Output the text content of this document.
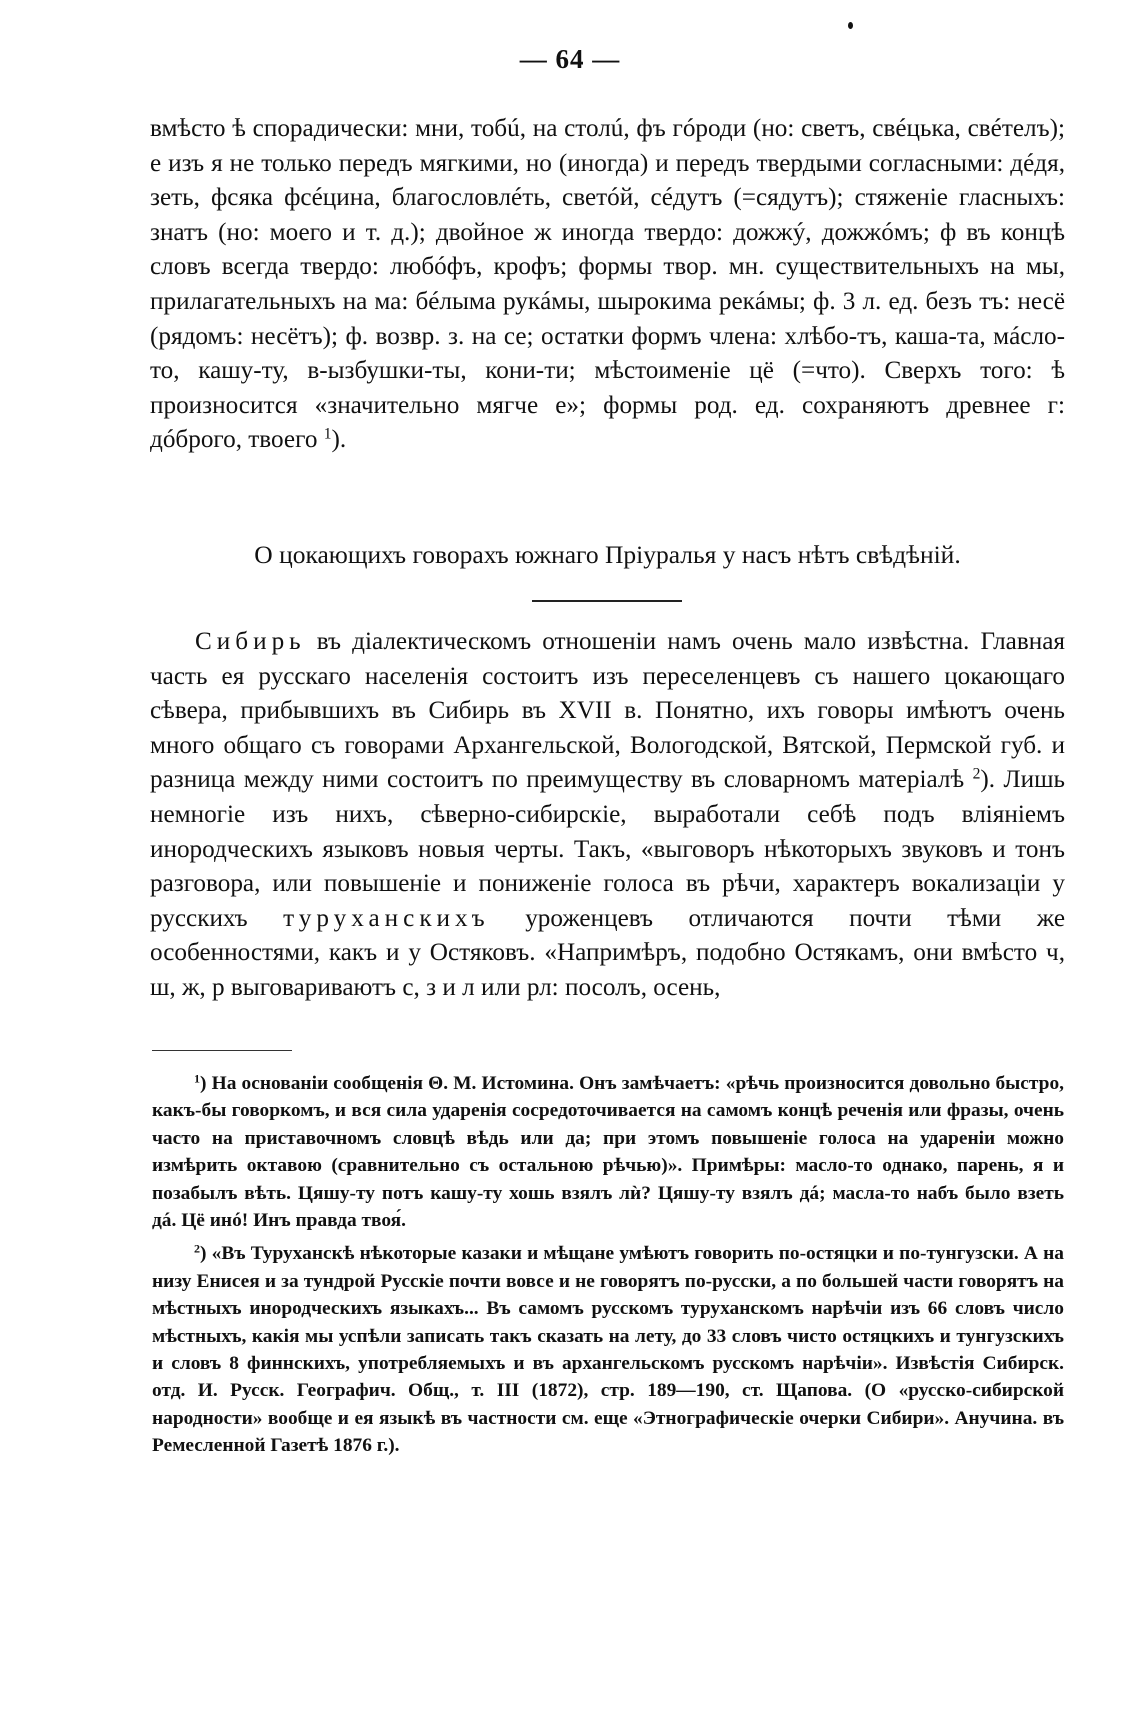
— 64 —

вмѣсто ѣ спорадически: мни, тобú, на столú, фъ гóроди (но: светъ, свéцька, свéтелъ); е изъ я не только передъ мягкими, но (иногда) и передъ твердыми согласными: дéдя, зеть, фсяка фсéцина, благословлéть, светóй, сéдутъ (=сядутъ); стяженіе гласныхъ: знатъ (но: моего и т. д.); двойное ж иногда твердо: дожжý, дожжóмъ; ф въ концѣ словъ всегда твердо: любóфъ, крофъ; формы твор. мн. существительныхъ на мы, прилагательныхъ на ма: бéлыма рукáмы, шырокима рекáмы; ф. 3 л. ед. безъ тъ: несё (рядомъ: несётъ); ф. возвр. з. на се; остатки формъ члена: хлѣбо-тъ, каша-та, мáсло-то, кашу-ту, в-ызбушки-ты, кони-ти; мѣстоименіе цё (=что). Сверхъ того: ѣ произносится «значительно мягче е»; формы род. ед. сохраняютъ древнее г: дóброго, твоего $^1$).

О цокающихъ говорахъ южнаго Пріуралья у насъ нѣтъ свѣдѣній.

Сибирь въ діалектическомъ отношеніи намъ очень мало извѣстна. Главная часть ея русскаго населенія состоитъ изъ переселенцевъ съ нашего цокающаго сѣвера, прибывшихъ въ Сибирь въ XVII в. Понятно, ихъ говоры имѣютъ очень много общаго съ говорами Архангельской, Вологодской, Вятской, Пермской губ. и разница между ними состоитъ по преимуществу въ словарномъ матеріалѣ $^2$). Лишь немногіе изъ нихъ, сѣверно-сибирскіе, выработали себѣ подъ вліяніемъ инородческихъ языковъ новыя черты. Такъ, «выговоръ нѣкоторыхъ звуковъ и тонъ разговора, или повышеніе и пониженіе голоса въ рѣчи, характеръ вокализаціи у русскихъ туруханскихъ уроженцевъ отличаются почти тѣми же особенностями, какъ и у Остяковъ. «Напримѣръ, подобно Остякамъ, они вмѣсто ч, ш, ж, р выговариваютъ с, з и л или рл: посолъ, осень,

$^1$) На основаніи сообщенія Θ. М. Истомина. Онъ замѣчаетъ: «рѣчь произносится довольно быстро, какъ-бы говоркомъ, и вся сила ударенія сосредоточивается на самомъ концѣ реченія или фразы, очень часто на приставочномъ словцѣ вѣдь или да; при этомъ повышеніе голоса на удареніи можно измѣрить октавою (сравнительно съ остальною рѣчью)». Примѣры: масло-то однако, парень, я и позабылъ вѣть. Цяшу-ту потъ кашу-ту хошь взялъ лѝ? Цяшу-ту взялъ дá; масла-то набъ было взеть дá. Цё инó! Инъ правда твоя́.

$^2$) «Въ Туруханскѣ нѣкоторые казаки и мѣщане умѣютъ говорить по-остяцки и по-тунгузски. А на низу Енисея и за тундрой Русскіе почти вовсе и не говорятъ по-русски, а по большей части говорятъ на мѣстныхъ инородческихъ языкахъ... Въ самомъ русскомъ туруханскомъ нарѣчіи изъ 66 словъ число мѣстныхъ, какія мы успѣли записать такъ сказать на лету, до 33 словъ чисто остяцкихъ и тунгузскихъ и словъ 8 финнскихъ, употребляемыхъ и въ архангельскомъ русскомъ нарѣчіи». Извѣстія Сибирск. отд. И. Русск. Географич. Общ., т. III (1872), стр. 189—190, ст. Щапова. (О «русско-сибирской народности» вообще и ея языкѣ въ частности см. еще «Этнографическіе очерки Сибири». Анучина. въ Ремесленной Газетѣ 1876 г.).
